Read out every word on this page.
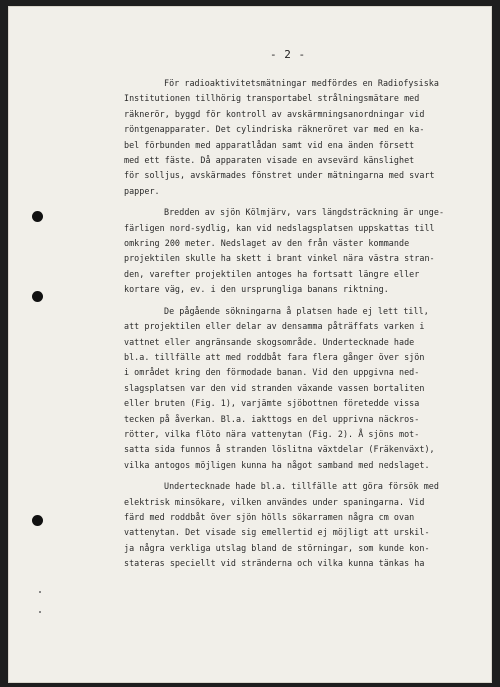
- 2 -
För radioaktivitetsmätningar medfördes en Radiofysiska
Institutionen tillhörig transportabel strålningsmätare med
räknerör, byggd för kontroll av avskärmningsanordningar vid
röntgenapparater. Det cylindriska räkneröret var med en ka-
bel förbunden med apparatlådan samt vid ena änden försett
med ett fäste. Då apparaten visade en avsevärd känslighet
för solljus, avskärmades fönstret under mätningarna med svart
papper.
Bredden av sjön Kölmjärv, vars längdsträckning är unge-
färligen nord-sydlig, kan vid nedslagsplatsen uppskattas till
omkring 200 meter. Nedslaget av den från väster kommande
projektilen skulle ha skett i brant vinkel nära västra stran-
den, varefter projektilen antoges ha fortsatt längre eller
kortare väg, ev. i den ursprungliga banans riktning.
De pågående sökningarna å platsen hade ej lett till,
att projektilen eller delar av densamma påträffats varken i
vattnet eller angränsande skogsområde. Undertecknade hade
bl.a. tillfälle att med roddbåt fara flera gånger över sjön
i området kring den förmodade banan. Vid den uppgivna ned-
slagsplatsen var den vid stranden växande vassen bortaliten
eller bruten (Fig. 1), varjämte sjöbottnen företedde vissa
tecken på åverkan. Bl.a. iakttogs en del upprivna näckros-
rötter, vilka flöto nära vattenytan (Fig. 2). Å sjöns mot-
satta sida funnos å stranden löslitna växtdelar (Fräkenväxt),
vilka antogos möjligen kunna ha något samband med nedslaget.
Undertecknade hade bl.a. tillfälle att göra försök med
elektrisk minsökare, vilken användes under spaningarna. Vid
färd med roddbåt över sjön hölls sökarramen några cm ovan
vattenytan. Det visade sig emellertid ej möjligt att urskil-
ja några verkliga utslag bland de störningar, som kunde kon-
stateras speciellt vid stränderna och vilka kunna tänkas ha
